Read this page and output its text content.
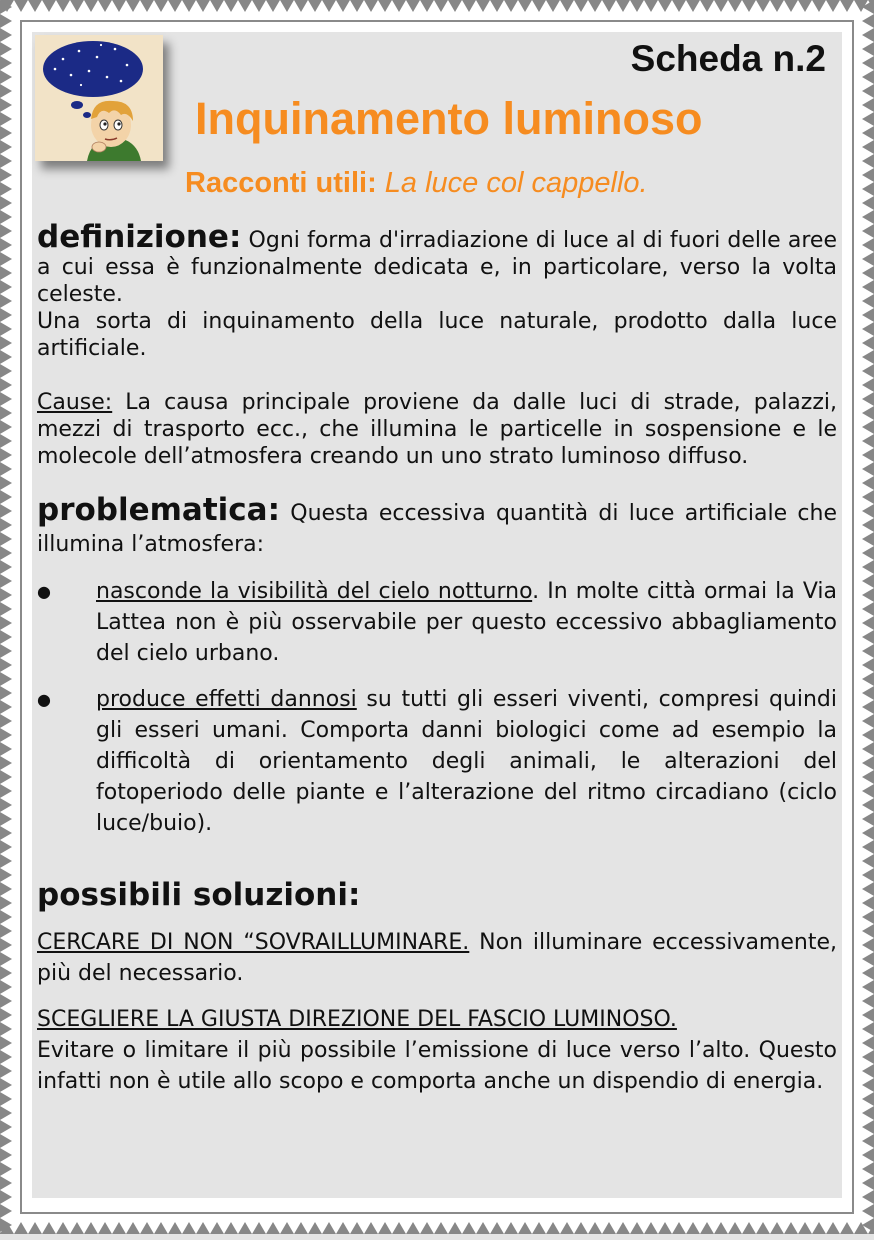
Scheda n.2
Inquinamento luminoso
Racconti utili: La luce col cappello.

definizione: Ogni forma d'irradiazione di luce al di fuori delle aree a cui essa è funzionalmente dedicata e, in particolare, verso la volta celeste.

Una sorta di inquinamento della luce naturale, prodotto dalla luce artificiale.

Cause: La causa principale proviene da dalle luci di strade, palazzi, mezzi di trasporto ecc., che illumina le particelle in sospensione e le molecole dell’atmosfera creando un uno strato luminoso diffuso.

problematica: Questa eccessiva quantità di luce artificiale che illumina l’atmosfera:

● nasconde la visibilità del cielo notturno. In molte città ormai la Via Lattea non è più osservabile per questo eccessivo abbagliamento del cielo urbano.
● produce effetti dannosi su tutti gli esseri viventi, compresi quindi gli esseri umani. Comporta danni biologici come ad esempio la difficoltà di orientamento degli animali, le alterazioni del fotoperiodo delle piante e l’alterazione del ritmo circadiano (ciclo luce/buio).
possibili soluzioni:

CERCARE DI NON “SOVRAILLUMINARE. Non illuminare eccessivamente, più del necessario.

SCEGLIERE LA GIUSTA DIREZIONE DEL FASCIO LUMINOSO.
Evitare o limitare il più possibile l’emissione di luce verso l’alto. Questo infatti non è utile allo scopo e comporta anche un dispendio di energia.
